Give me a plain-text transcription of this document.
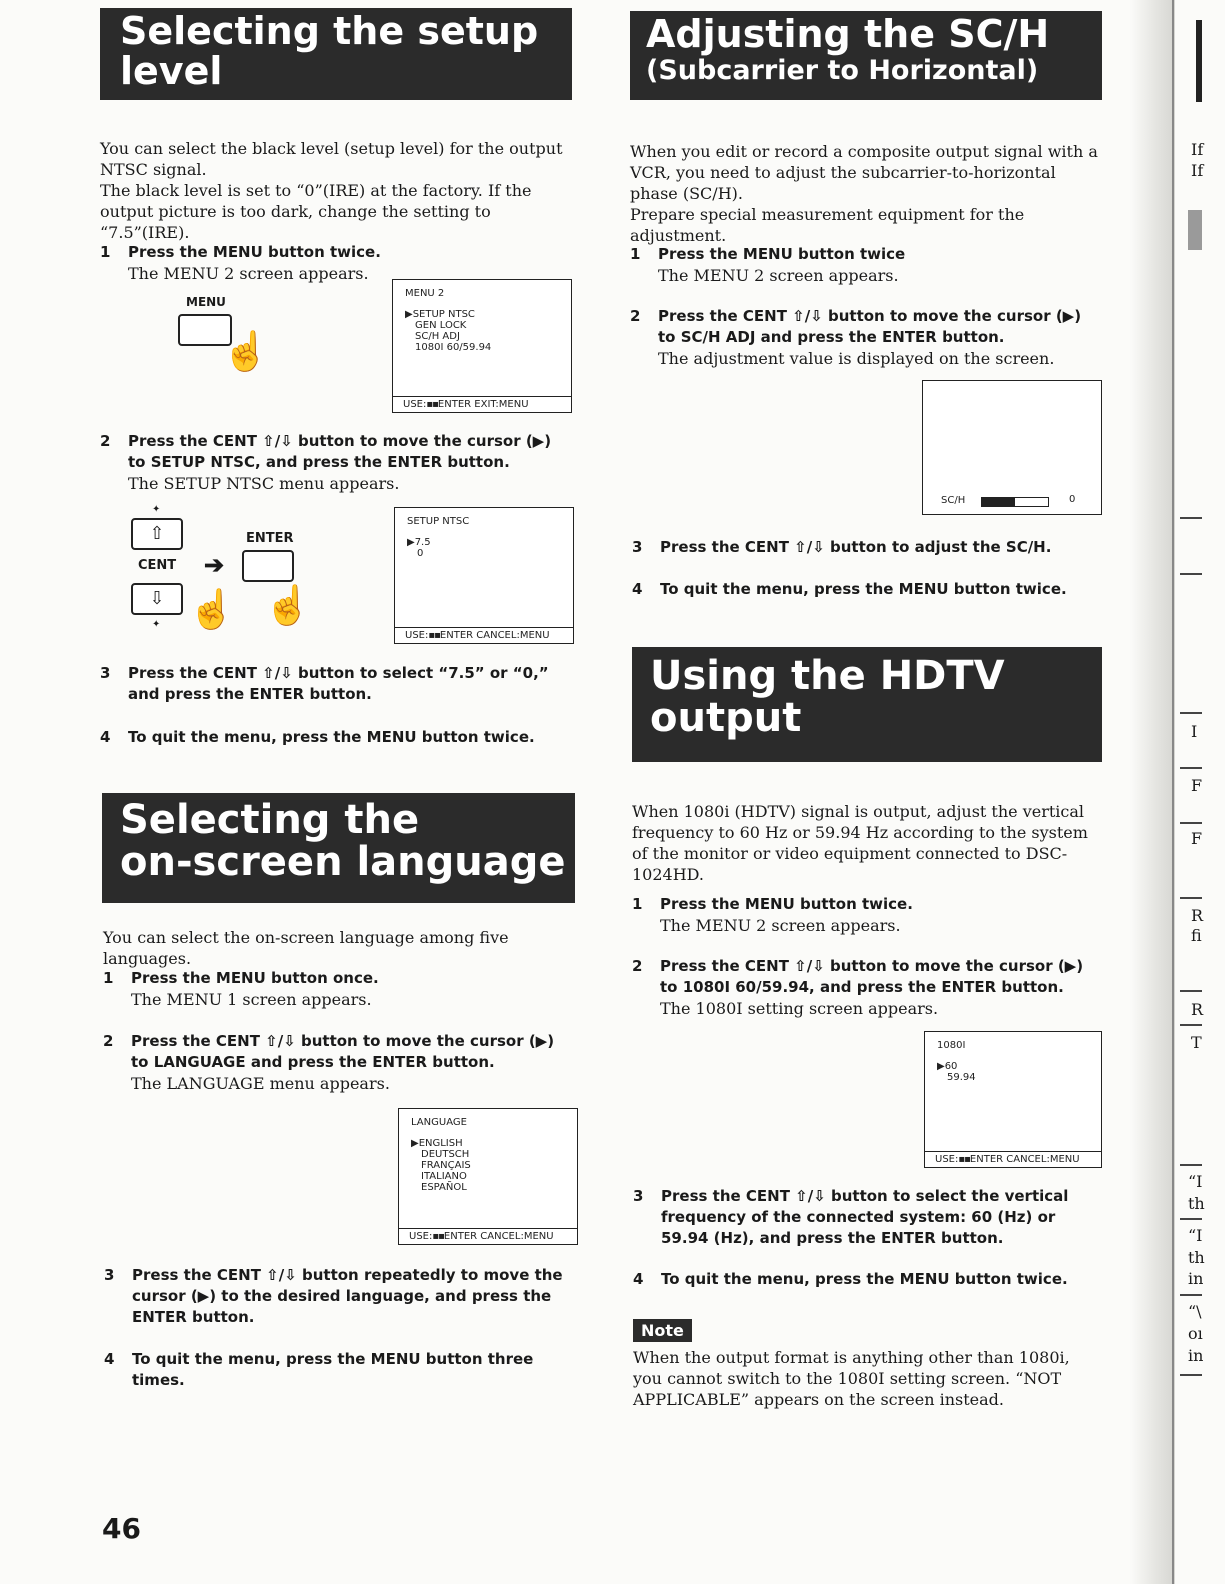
Selecting the setup
level

You can select the black level (setup level) for the output NTSC signal.

The black level is set to “0”(IRE) at the factory. If the output picture is too dark, change the setting to “7.5”(IRE).

1 Press the MENU button twice.
The MENU 2 screen appears.
MENU
☝
MENU 2
▶SETUP NTSC
GEN LOCK
SC/H ADJ
1080I 60/59.94
USE:▪▪ENTER EXIT:MENU
2 Press the CENT ⇧/⇩ button to move the cursor (▶) to SETUP NTSC, and press the ENTER button.
The SETUP NTSC menu appears.
✦
⇧
CENT
⇩
✦ ☝
➔
ENTER
☝
SETUP NTSC
▶7.5
0
USE:▪▪ENTER CANCEL:MENU
3 Press the CENT ⇧/⇩ button to select “7.5” or “0,” and press the ENTER button.
4 To quit the menu, press the MENU button twice.
Selecting the
on-screen language
You can select the on-screen language among five languages.
1 Press the MENU button once.
The MENU 1 screen appears.
2 Press the CENT ⇧/⇩ button to move the cursor (▶) to LANGUAGE and press the ENTER button.
The LANGUAGE menu appears.
LANGUAGE
▶ENGLISH
DEUTSCH
FRANÇAIS
ITALIANO
ESPAÑOL
USE:▪▪ENTER CANCEL:MENU
3 Press the CENT ⇧/⇩ button repeatedly to move the cursor (▶) to the desired language, and press the ENTER button.
4 To quit the menu, press the MENU button three times.
46
Adjusting the SC/H
(Subcarrier to Horizontal)

When you edit or record a composite output signal with a VCR, you need to adjust the subcarrier-to-horizontal phase (SC/H).

Prepare special measurement equipment for the adjustment.

1 Press the MENU button twice
The MENU 2 screen appears.
2 Press the CENT ⇧/⇩ button to move the cursor (▶) to SC/H ADJ and press the ENTER button.
The adjustment value is displayed on the screen.
SC/H	0
3 Press the CENT ⇧/⇩ button to adjust the SC/H.
4 To quit the menu, press the MENU button twice.
Using the HDTV
output
When 1080i (HDTV) signal is output, adjust the vertical frequency to 60 Hz or 59.94 Hz according to the system of the monitor or video equipment connected to DSC-1024HD.
1 Press the MENU button twice.
The MENU 2 screen appears.
2 Press the CENT ⇧/⇩ button to move the cursor (▶) to 1080I 60/59.94, and press the ENTER button.
The 1080I setting screen appears.
1080I
▶60
59.94
USE:▪▪ENTER CANCEL:MENU
3 Press the CENT ⇧/⇩ button to select the vertical frequency of the connected system: 60 (Hz) or 59.94 (Hz), and press the ENTER button.
4 To quit the menu, press the MENU button twice.
Note
When the output format is anything other than 1080i, you cannot switch to the 1080I setting screen. “NOT APPLICABLE” appears on the screen instead.
If
If
I
F
F
R
fi
R
T
“I
th
“I
th
in
“\
oı
in
